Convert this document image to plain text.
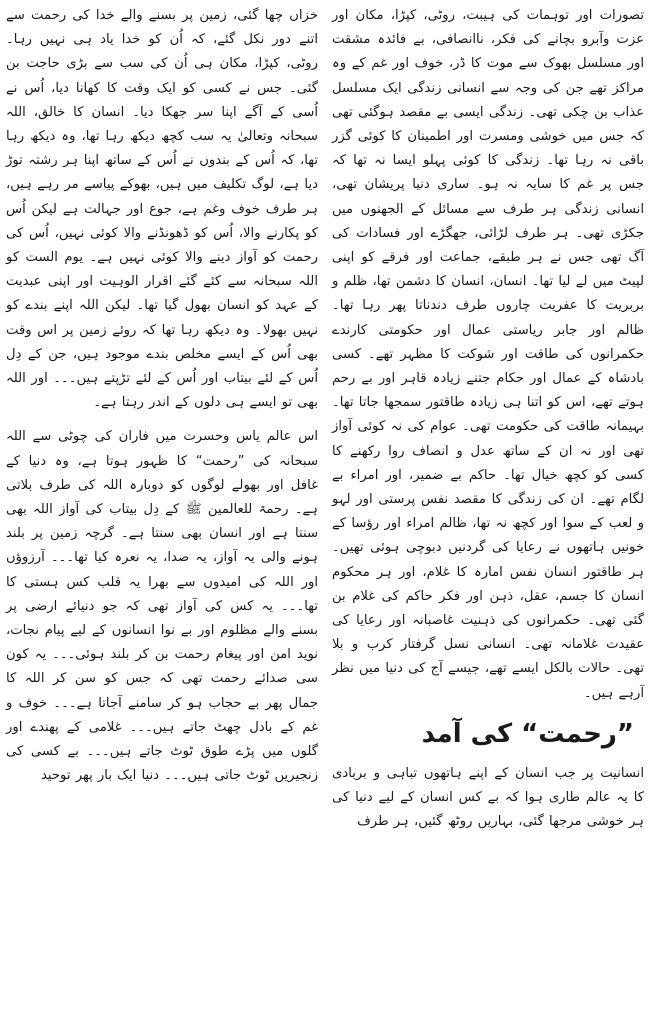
تصورات اور توہمات کی ہیبت، روٹی، کپڑا، مکان اور عزت وآبرو بچانے کی فکر، ناانصافی، بے فائدہ مشقت اور مسلسل بھوک سے موت کا ڈر، خوف اور غم کے وہ مراکز تھے جن کی وجہ سے انسانی زندگی ایک مسلسل عذاب بن چکی تھی۔ زندگی ایسی بے مقصد ہوگئی تھی کہ جس میں خوشی ومسرت اور اطمینان کا کوئی گزر باقی نہ رہا تھا۔ زندگی کا کوئی پہلو ایسا نہ تھا کہ جس پر غم کا سایہ نہ ہو۔ ساری دنیا پریشان تھی، انسانی زندگی ہر طرف سے مسائل کے الجھنوں میں جکڑی تھی۔ ہر طرف لڑائی، جھگڑے اور فسادات کی آگ تھی جس نے ہر طبقے، جماعت اور فرقے کو اپنی لپیٹ میں لے لیا تھا۔ انسان، انسان کا دشمن تھا، ظلم و بربریت کا عفریت چاروں طرف دندناتا پھر رہا تھا۔ ظالم اور جابر ریاستی عمال اور حکومتی کارندے حکمرانوں کی طاقت اور شوکت کا مظہر تھے۔ کسی بادشاہ کے عمال اور حکام جتنے زیادہ قاہر اور بے رحم ہوتے تھے، اس کو اتنا ہی زیادہ طاقتور سمجھا جاتا تھا۔ بہیمانہ طاقت کی حکومت تھی۔ عوام کی نہ کوئی آواز تھی اور نہ ان کے ساتھ عدل و انصاف روا رکھنے کا کسی کو کچھ خیال تھا۔ حاکم بے ضمیر، اور امراء بے لگام تھے۔ ان کی زندگی کا مقصد نفس پرستی اور لہو و لعب کے سوا اور کچھ نہ تھا، ظالم امراء اور رؤسا کے خونیں ہاتھوں نے رعایا کی گردنیں دبوچی ہوئی تھیں۔ ہر طاقتور انسان نفس امارہ کا غلام، اور ہر محکوم انسان کا جسم، عقل، ذہن اور فکر حاکم کی غلام بن گئی تھی۔ حکمرانوں کی ذہنیت غاصبانہ اور رعایا کی عقیدت غلامانہ تھی۔ انسانی نسل گرفتار کرب و بلا تھی۔ حالات بالکل ایسے تھے، جیسے آج کی دنیا میں نظر آرہے ہیں۔

”رحمت“ کی آمد

انسانیت پر جب انسان کے اپنے ہاتھوں تباہی و بربادی کا یہ عالم طاری ہوا کہ بے کس انسان کے لیے دنیا کی ہر خوشی مرجھا گئی، بہاریں روٹھ گئیں، ہر طرف

خزاں چھا گئی، زمین پر بسنے والے خدا کی رحمت سے اتنے دور نکل گئے، کہ اُن کو خدا یاد ہی نہیں رہا۔ روٹی، کپڑا، مکان ہی اُن کی سب سے بڑی حاجت بن گئی۔ جس نے کسی کو ایک وقت کا کھانا دیا، اُس نے اُسی کے آگے اپنا سر جھکا دیا۔ انسان کا خالق، اللہ سبحانہ وتعالیٰ یہ سب کچھ دیکھ رہا تھا، وہ دیکھ رہا تھا، کہ اُس کے بندوں نے اُس کے ساتھ اپنا ہر رشتہ توڑ دیا ہے، لوگ تکلیف میں ہیں، بھوکے پیاسے مر رہے ہیں، ہر طرف خوف وغم ہے، جوع اور جہالت ہے لیکن اُس کو پکارنے والا، اُس کو ڈھونڈنے والا کوئی نہیں، اُس کی رحمت کو آواز دینے والا کوئی نہیں ہے۔ یوم الست کو اللہ سبحانہ سے کئے گئے اقرار الوہیت اور اپنی عبدیت کے عہد کو انسان بھول گیا تھا۔ لیکن اللہ اپنے بندے کو نہیں بھولا۔ وہ دیکھ رہا تھا کہ روئے زمین پر اس وقت بھی اُس کے ایسے مخلص بندے موجود ہیں، جن کے دِل اُس کے لئے بیتاب اور اُس کے لئے تڑپتے ہیں۔۔۔ اور اللہ بھی تو ایسے ہی دلوں کے اندر رہتا ہے۔

اس عالم یاس وحسرت میں فاران کی چوٹی سے اللہ سبحانہ کی ”رحمت“ کا ظہور ہوتا ہے، وہ دنیا کے غافل اور بھولے لوگوں کو دوبارہ اللہ کی طرف بلاتی ہے۔ رحمۃ للعالمین ﷺ کے دِل بیتاب کی آواز اللہ بھی سنتا ہے اور انسان بھی سنتا ہے۔ گرچہ زمین پر بلند ہونے والی یہ آواز، یہ صدا، یہ نعرہ کیا تھا۔۔۔ آرزوؤں اور اللہ کی امیدوں سے بھرا یہ قلب کس ہستی کا تھا۔۔۔ یہ کس کی آواز تھی کہ جو دنیائے ارضی پر بسنے والے مظلوم اور بے نوا انسانوں کے لیے پیام نجات، نوید امن اور پیغام رحمت بن کر بلند ہوئی۔۔۔ یہ کون سی صدائے رحمت تھی کہ جس کو سن کر اللہ کا جمال پھر بے حجاب ہو کر سامنے آجاتا ہے۔۔۔ خوف و غم کے بادل چھٹ جاتے ہیں۔۔۔ غلامی کے پھندے اور گلوں میں پڑے طوق ٹوٹ جاتے ہیں۔۔۔ بے کسی کی زنجیریں ٹوٹ جاتی ہیں۔۔۔ دنیا ایک بار پھر توحید
